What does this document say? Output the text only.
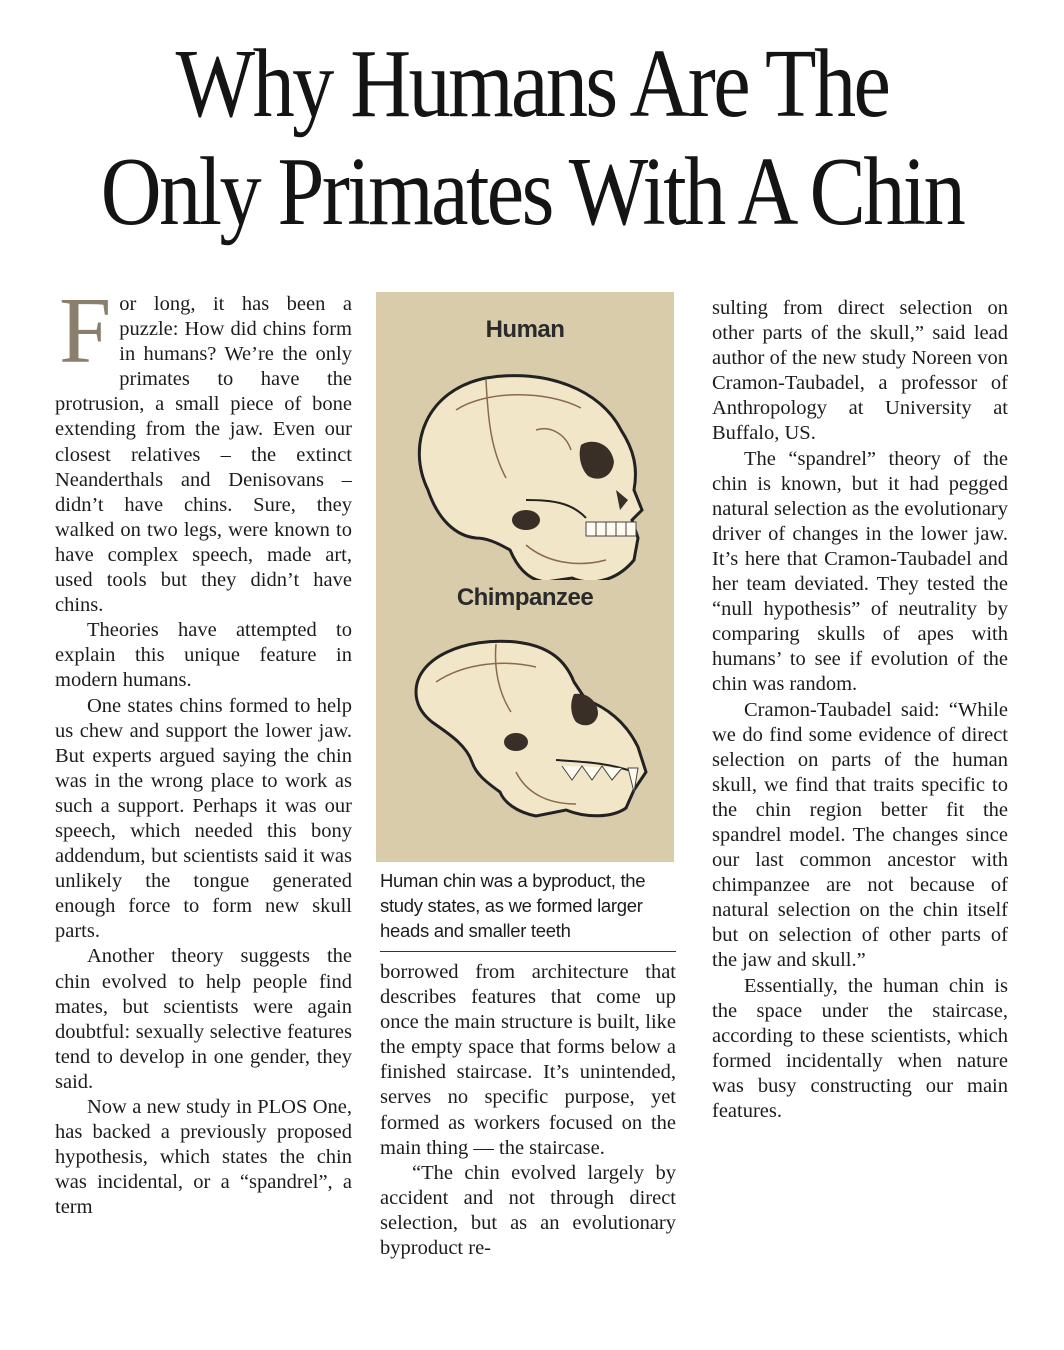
Why Humans Are The
Only Primates With A Chin

For long, it has been a puzzle: How did chins form in humans? We’re the only primates to have the protrusion, a small piece of bone extending from the jaw. Even our closest relatives – the extinct Neanderthals and Denisovans – didn’t have chins. Sure, they walked on two legs, were known to have complex speech, made art, used tools but they didn’t have chins.

Theories have attempted to explain this unique feature in modern humans.

One states chins formed to help us chew and support the lower jaw. But experts argued saying the chin was in the wrong place to work as such a support. Perhaps it was our speech, which needed this bony addendum, but scientists said it was unlikely the tongue generated enough force to form new skull parts.

Another theory suggests the chin evolved to help people find mates, but scientists were again doubtful: sexually selective features tend to develop in one gender, they said.

Now a new study in PLOS One, has backed a previously proposed hypothesis, which states the chin was incidental, or a “spandrel”, a term

Human
Chimpanzee
Human chin was a byproduct, the study states, as we formed larger heads and smaller teeth

borrowed from architecture that describes features that come up once the main structure is built, like the empty space that forms below a finished staircase. It’s unintended, serves no specific purpose, yet formed as workers focused on the main thing — the staircase.

“The chin evolved largely by accident and not through direct selection, but as an evolutionary byproduct re-

sulting from direct selection on other parts of the skull,” said lead author of the new study Noreen von Cramon-Taubadel, a professor of Anthropology at University at Buffalo, US.

The “spandrel” theory of the chin is known, but it had pegged natural selection as the evolutionary driver of changes in the lower jaw. It’s here that Cramon-Taubadel and her team deviated. They tested the “null hypothesis” of neutrality by comparing skulls of apes with humans’ to see if evolution of the chin was random.

Cramon-Taubadel said: “While we do find some evidence of direct selection on parts of the human skull, we find that traits specific to the chin region better fit the spandrel model. The changes since our last common ancestor with chimpanzee are not because of natural selection on the chin itself but on selection of other parts of the jaw and skull.”

Essentially, the human chin is the space under the staircase, according to these scientists, which formed incidentally when nature was busy constructing our main features.
